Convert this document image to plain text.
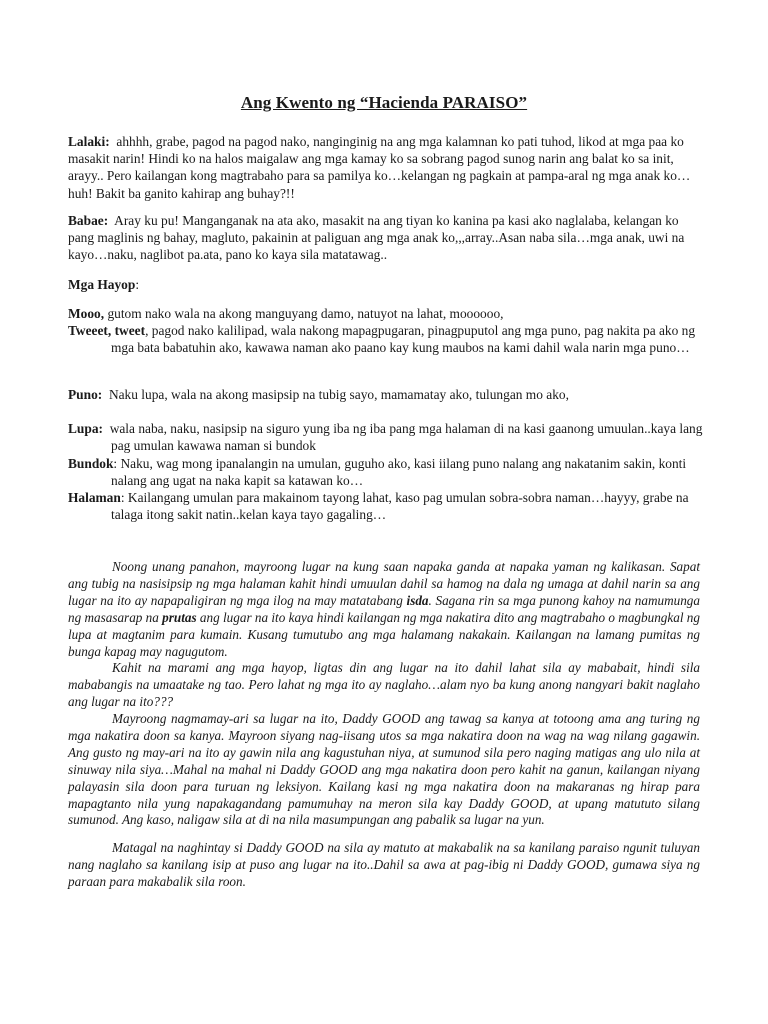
Ang Kwento ng “Hacienda PARAISO”
Lalaki: ahhhh, grabe, pagod na pagod nako, nanginginig na ang mga kalamnan ko pati tuhod, likod at mga paa ko masakit narin! Hindi ko na halos maigalaw ang mga kamay ko sa sobrang pagod sunog narin ang balat ko sa init, arayy.. Pero kailangan kong magtrabaho para sa pamilya ko…kelangan ng pagkain at pampa-aral ng mga anak ko…huh! Bakit ba ganito kahirap ang buhay?!!
Babae: Aray ku pu! Manganganak na ata ako, masakit na ang tiyan ko kanina pa kasi ako naglalaba, kelangan ko pang maglinis ng bahay, magluto, pakainin at paliguan ang mga anak ko,,,array..Asan naba sila…mga anak, uwi na kayo…naku, naglibot pa.ata, pano ko kaya sila matatawag..
Mga Hayop:
Mooo, gutom nako wala na akong manguyang damo, natuyot na lahat, moooooo,
Tweeet, tweet, pagod nako kalilipad, wala nakong mapagpugaran, pinagpuputol ang mga puno, pag nakita pa ako ng mga bata babatuhin ako, kawawa naman ako paano kay kung maubos na kami dahil wala narin mga puno…
Puno: Naku lupa, wala na akong masipsip na tubig sayo, mamamatay ako, tulungan mo ako,
Lupa: wala naba, naku, nasipsip na siguro yung iba ng iba pang mga halaman di na kasi gaanong umuulan..kaya lang pag umulan kawawa naman si bundok
Bundok: Naku, wag mong ipanalangin na umulan, guguho ako, kasi iilang puno nalang ang nakatanim sakin, konti nalang ang ugat na naka kapit sa katawan ko…
Halaman: Kailangang umulan para makainom tayong lahat, kaso pag umulan sobra-sobra naman…hayyy, grabe na talaga itong sakit natin..kelan kaya tayo gagaling…
Noong unang panahon, mayroong lugar na kung saan napaka ganda at napaka yaman ng kalikasan. Sapat ang tubig na nasisipsip ng mga halaman kahit hindi umuulan dahil sa hamog na dala ng umaga at dahil narin sa ang lugar na ito ay napapaligiran ng mga ilog na may matatabang isda. Sagana rin sa mga punong kahoy na namumunga ng masasarap na prutas ang lugar na ito kaya hindi kailangan ng mga nakatira dito ang magtrabaho o magbungkal ng lupa at magtanim para kumain. Kusang tumutubo ang mga halamang nakakain. Kailangan na lamang pumitas ng bunga kapag may nagugutom.
Kahit na marami ang mga hayop, ligtas din ang lugar na ito dahil lahat sila ay mababait, hindi sila mababangis na umaatake ng tao. Pero lahat ng mga ito ay naglaho…alam nyo ba kung anong nangyari bakit naglaho ang lugar na ito???
Mayroong nagmamay-ari sa lugar na ito, Daddy GOOD ang tawag sa kanya at totoong ama ang turing ng mga nakatira doon sa kanya. Mayroon siyang nag-iisang utos sa mga nakatira doon na wag na wag nilang gagawin. Ang gusto ng may-ari na ito ay gawin nila ang kagustuhan niya, at sumunod sila pero naging matigas ang ulo nila at sinuway nila siya…Mahal na mahal ni Daddy GOOD ang mga nakatira doon pero kahit na ganun, kailangan niyang palayasin sila doon para turuan ng leksiyon. Kailang kasi ng mga nakatira doon na makaranas ng hirap para mapagtanto nila yung napakagandang pamumuhay na meron sila kay Daddy GOOD, at upang matututo silang sumunod. Ang kaso, naligaw sila at di na nila masumpungan ang pabalik sa lugar na yun.
Matagal na naghintay si Daddy GOOD na sila ay matuto at makabalik na sa kanilang paraiso ngunit tuluyan nang naglaho sa kanilang isip at puso ang lugar na ito..Dahil sa awa at pag-ibig ni Daddy GOOD, gumawa siya ng paraan para makabalik sila roon.
